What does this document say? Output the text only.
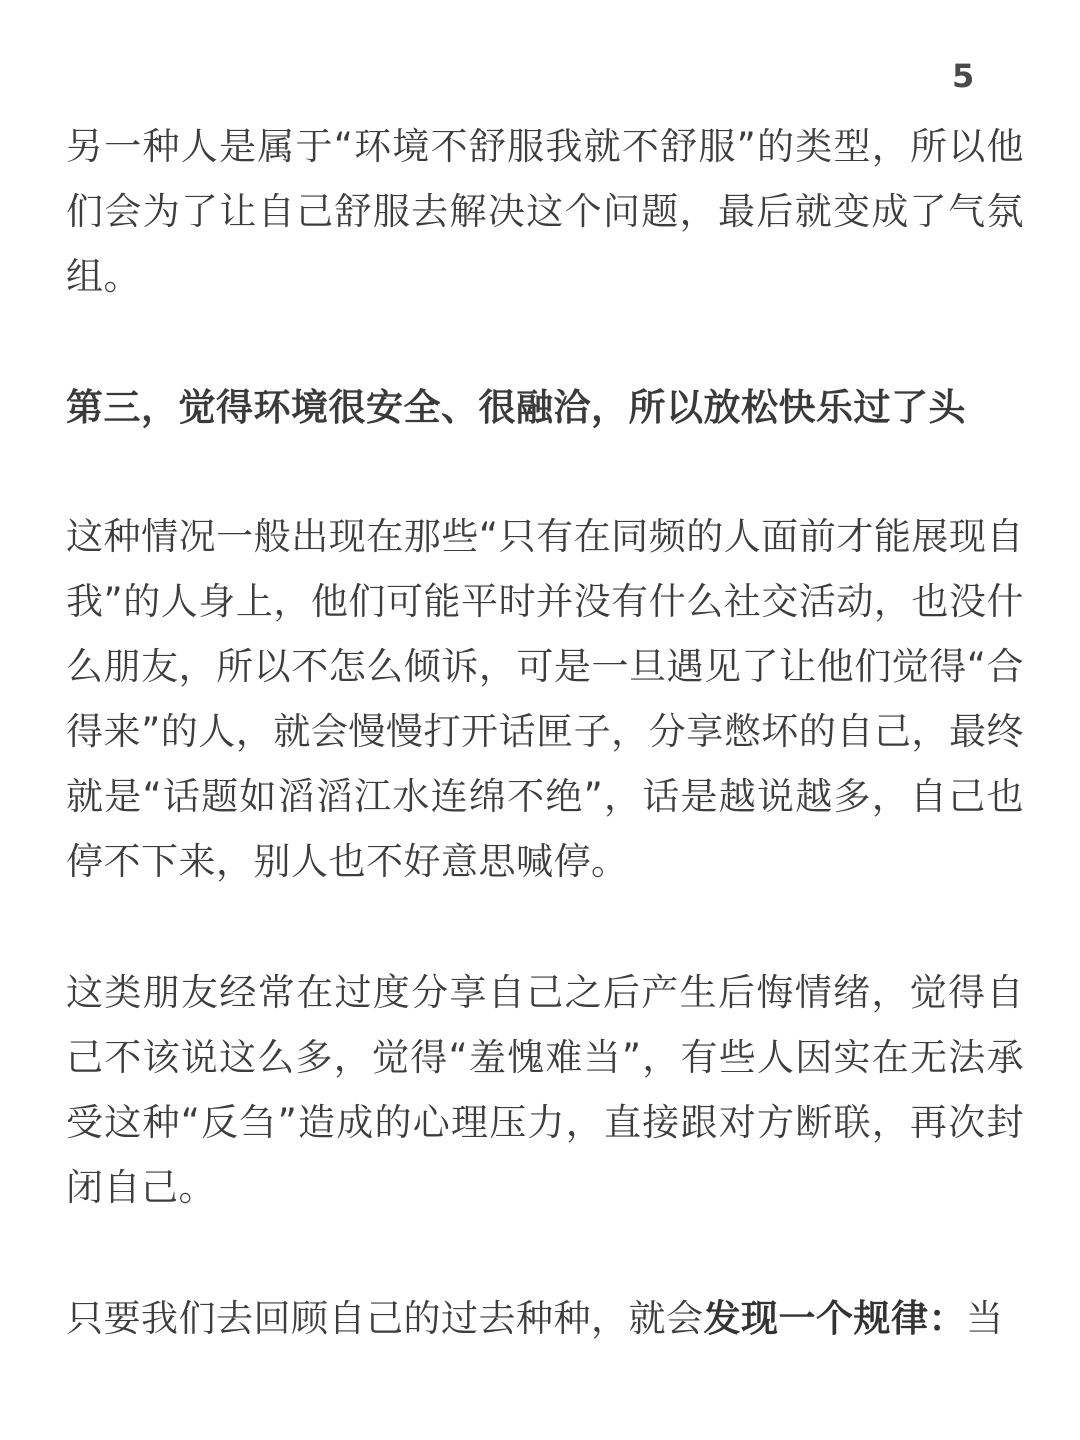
5

另一种人是属于“环境不舒服我就不舒服”的类型，所以他们会为了让自己舒服去解决这个问题，最后就变成了气氛组。

第三，觉得环境很安全、很融洽，所以放松快乐过了头

这种情况一般出现在那些“只有在同频的人面前才能展现自我”的人身上，他们可能平时并没有什么社交活动，也没什么朋友，所以不怎么倾诉，可是一旦遇见了让他们觉得“合得来”的人，就会慢慢打开话匣子，分享憋坏的自己，最终就是“话题如滔滔江水连绵不绝”，话是越说越多，自己也停不下来，别人也不好意思喊停。

这类朋友经常在过度分享自己之后产生后悔情绪，觉得自己不该说这么多，觉得“羞愧难当”，有些人因实在无法承受这种“反刍”造成的心理压力，直接跟对方断联，再次封闭自己。

只要我们去回顾自己的过去种种，就会发现一个规律：当
